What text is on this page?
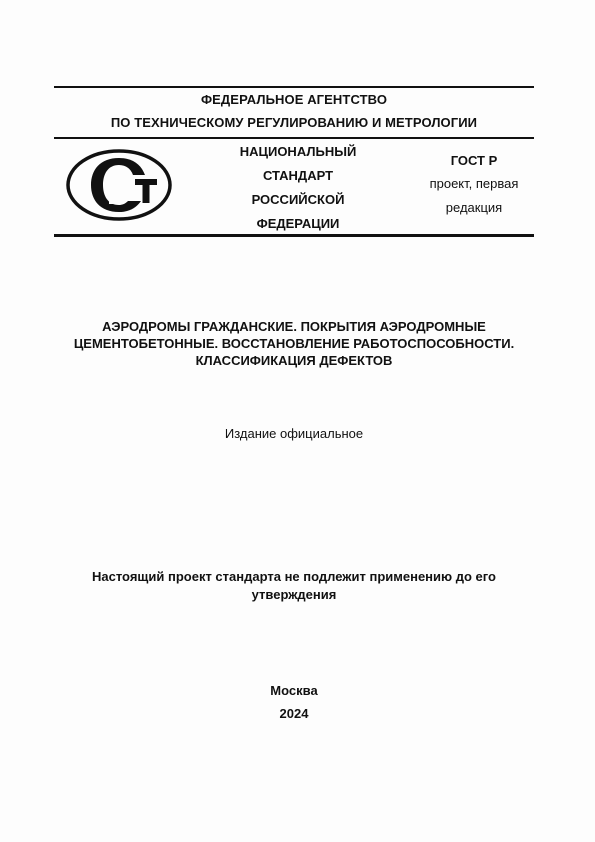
ФЕДЕРАЛЬНОЕ АГЕНТСТВО
ПО ТЕХНИЧЕСКОМУ РЕГУЛИРОВАНИЮ И МЕТРОЛОГИИ
НАЦИОНАЛЬНЫЙ
СТАНДАРТ
РОССИЙСКОЙ
ФЕДЕРАЦИИ
ГОСТ Р
проект, первая
редакция
АЭРОДРОМЫ ГРАЖДАНСКИЕ. ПОКРЫТИЯ АЭРОДРОМНЫЕ
ЦЕМЕНТОБЕТОННЫЕ. ВОССТАНОВЛЕНИЕ РАБОТОСПОСОБНОСТИ.
КЛАССИФИКАЦИЯ ДЕФЕКТОВ
Издание официальное
Настоящий проект стандарта не подлежит применению до его утверждения
Москва
2024
